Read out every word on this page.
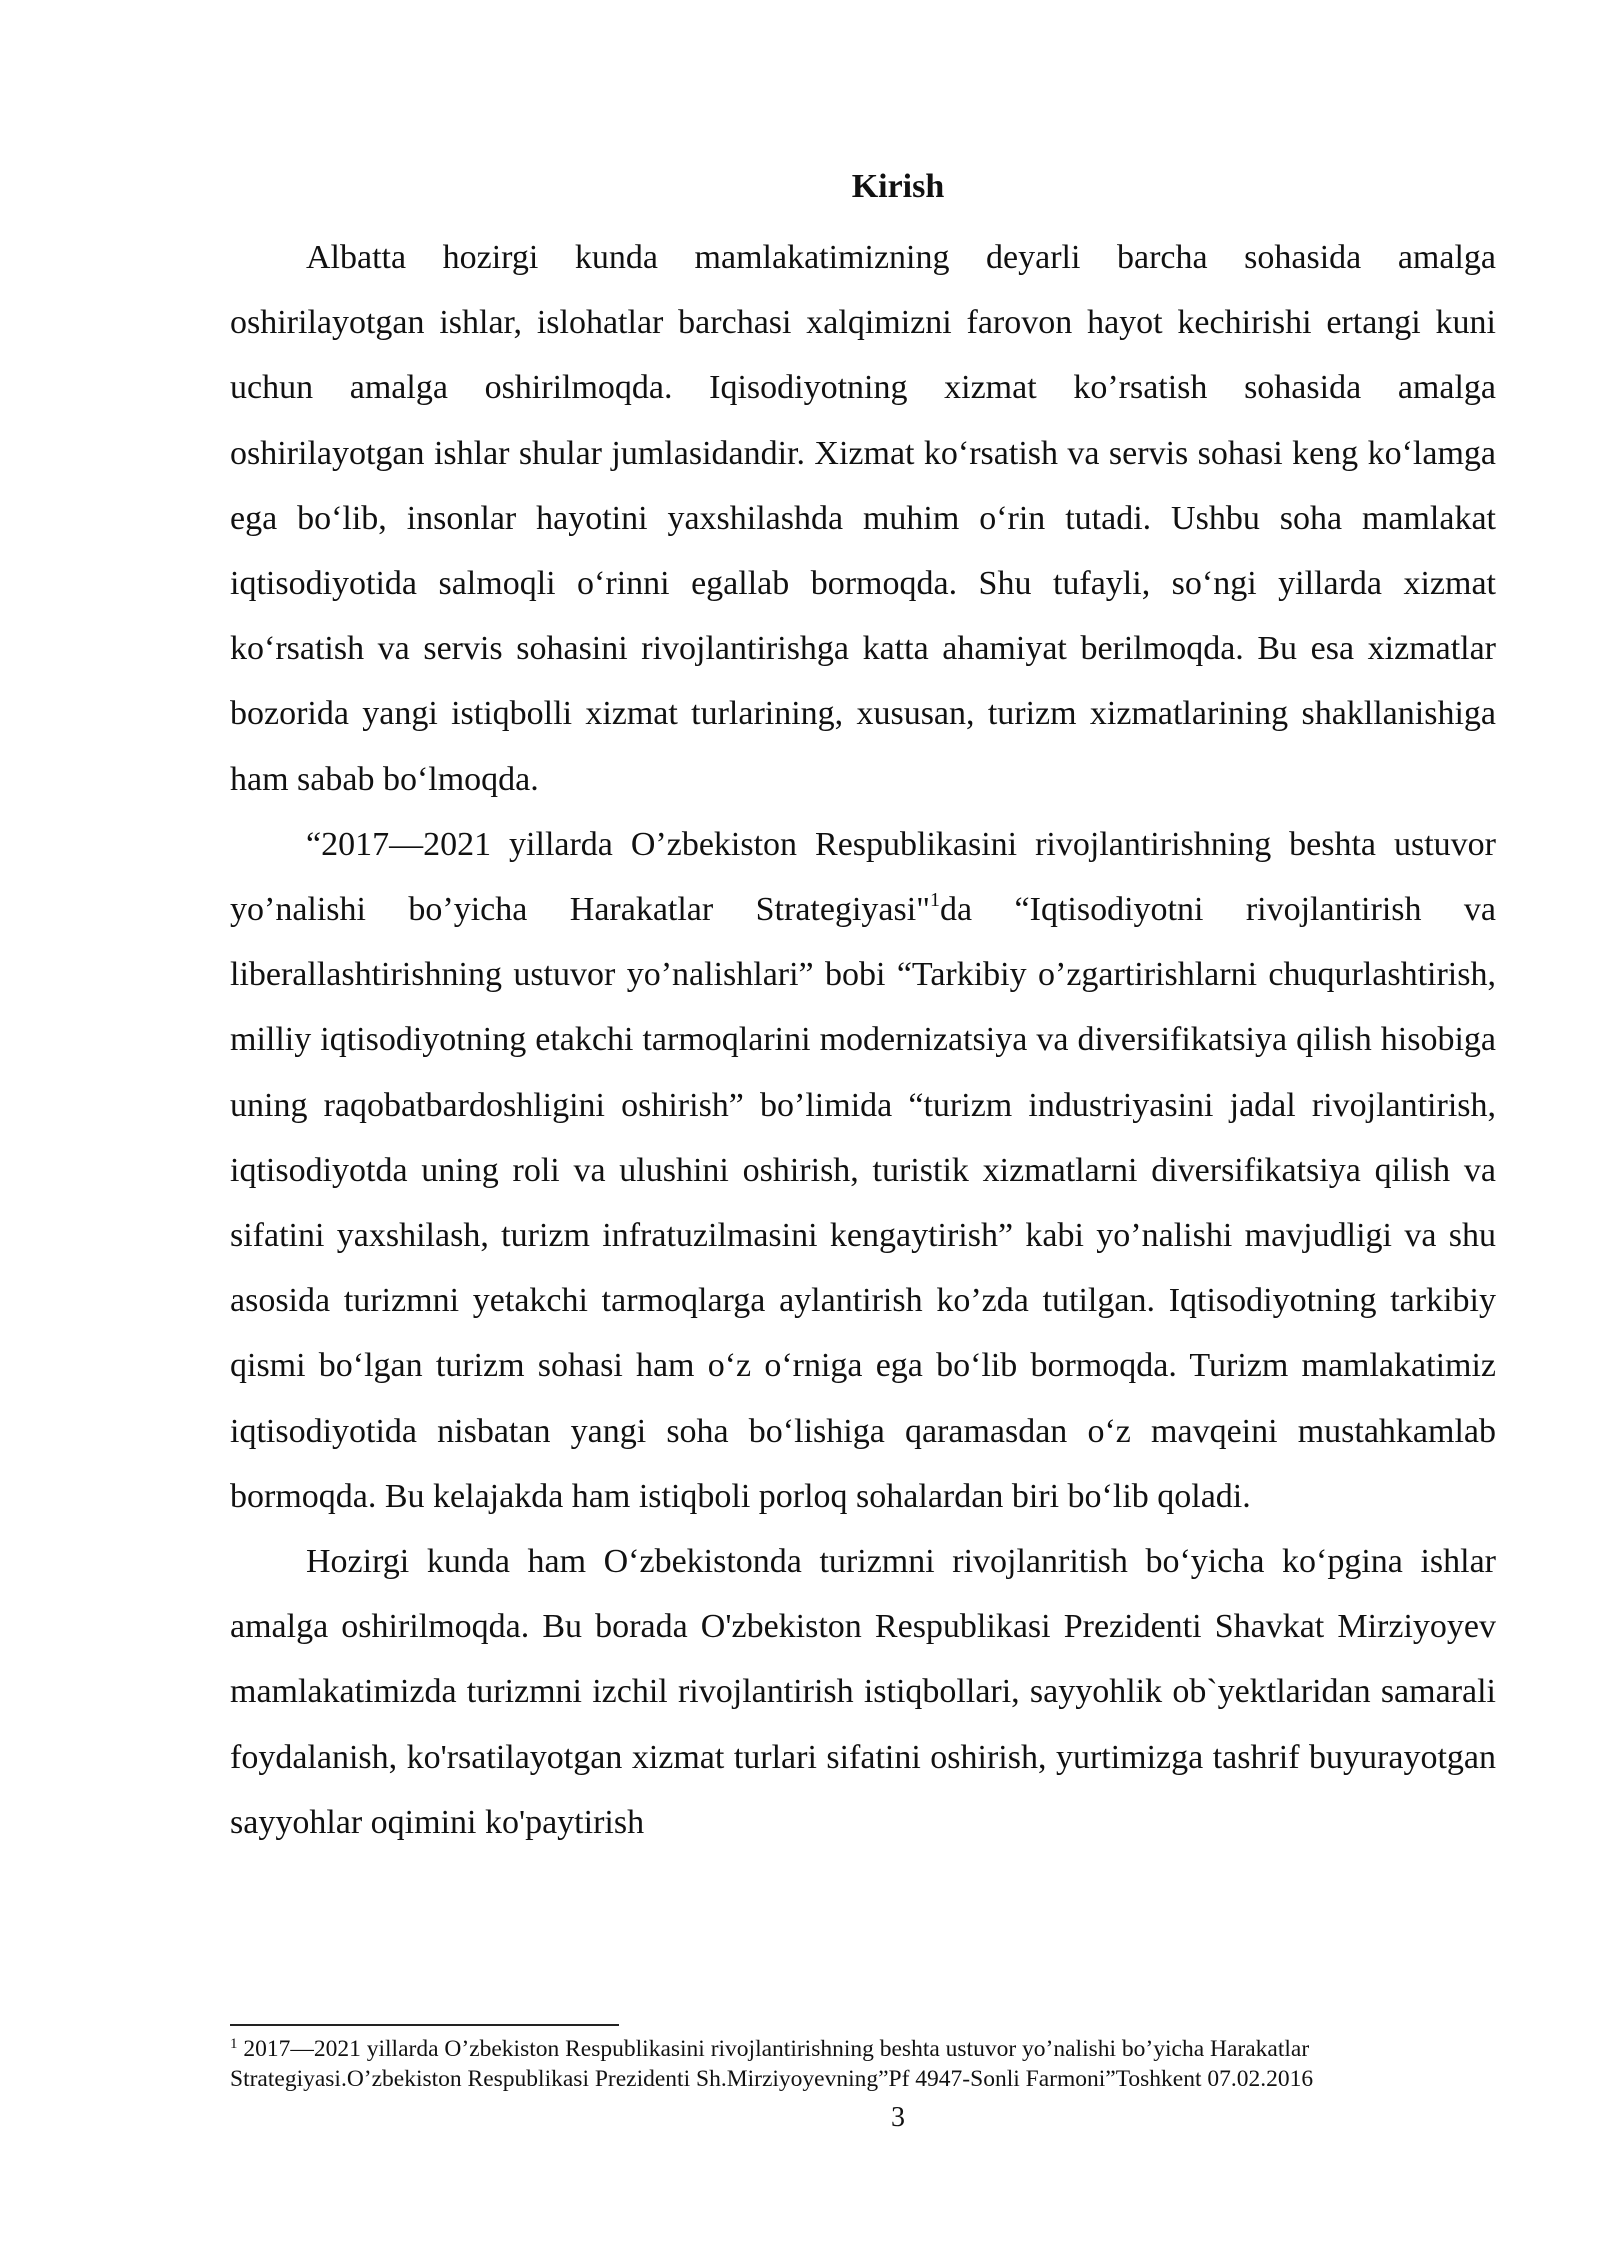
Kirish

Albatta hozirgi kunda mamlakatimizning deyarli barcha sohasida amalga oshirilayotgan ishlar, islohatlar barchasi xalqimizni farovon hayot kechirishi ertangi kuni uchun amalga oshirilmoqda. Iqisodiyotning xizmat ko’rsatish sohasida amalga oshirilayotgan ishlar shular jumlasidandir. Xizmat ko‘rsatish va servis sohasi keng ko‘lamga ega bo‘lib, insonlar hayotini yaxshilashda muhim o‘rin tutadi. Ushbu soha mamlakat iqtisodiyotida salmoqli o‘rinni egallab bormoqda. Shu tufayli, so‘ngi yillarda xizmat ko‘rsatish va servis sohasini rivojlantirishga katta ahamiyat berilmoqda. Bu esa xizmatlar bozorida yangi istiqbolli xizmat turlarining, xususan, turizm xizmatlarining shakllanishiga ham sabab bo‘lmoqda.

“2017—2021 yillarda O’zbekiston Respublikasini rivojlantirishning beshta ustuvor yo’nalishi bo’yicha Harakatlar Strategiyasi"$^1$da “Iqtisodiyotni rivojlantirish va liberallashtirishning ustuvor yo’nalishlari” bobi “Tarkibiy o’zgartirishlarni chuqurlashtirish, milliy iqtisodiyotning etakchi tarmoqlarini modernizatsiya va diversifikatsiya qilish hisobiga uning raqobatbardoshligini oshirish” bo’limida “turizm industriyasini jadal rivojlantirish, iqtisodiyotda uning roli va ulushini oshirish, turistik xizmatlarni diversifikatsiya qilish va sifatini yaxshilash, turizm infratuzilmasini kengaytirish” kabi yo’nalishi mavjudligi va shu asosida turizmni yetakchi tarmoqlarga aylantirish ko’zda tutilgan. Iqtisodiyotning tarkibiy qismi bo‘lgan turizm sohasi ham o‘z o‘rniga ega bo‘lib bormoqda. Turizm mamlakatimiz iqtisodiyotida nisbatan yangi soha bo‘lishiga qaramasdan o‘z mavqeini mustahkamlab bormoqda. Bu kelajakda ham istiqboli porloq sohalardan biri bo‘lib qoladi.

Hozirgi kunda ham O‘zbekistonda turizmni rivojlanritish bo‘yicha ko‘pgina ishlar amalga oshirilmoqda. Bu borada O'zbekiston Respublikasi Prezidenti Shavkat Mirziyoyev mamlakatimizda turizmni izchil rivojlantirish istiqbollari, sayyohlik ob`yektlaridan samarali foydalanish, ko'rsatilayotgan xizmat turlari sifatini oshirish, yurtimizga tashrif buyurayotgan sayyohlar oqimini ko'paytirish

$^1$ 2017—2021 yillarda O’zbekiston Respublikasini rivojlantirishning beshta ustuvor yo’nalishi bo’yicha Harakatlar Strategiyasi.O’zbekiston Respublikasi Prezidenti Sh.Mirziyoyevning”Pf 4947-Sonli Farmoni”Toshkent 07.02.2016

3
